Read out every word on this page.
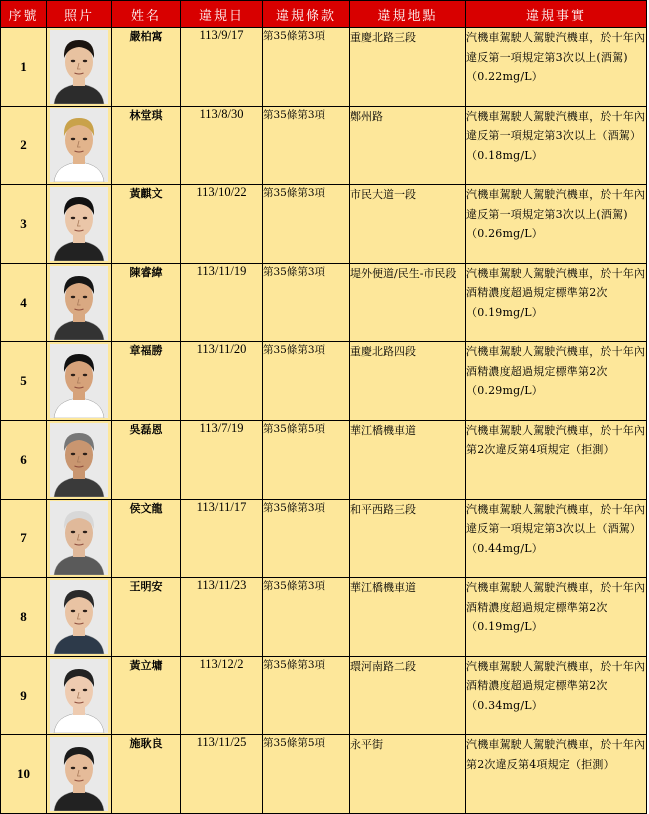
序號	照片	姓名	違規日	違規條款	違規地點	違規事實
1		嚴柏寓	113/9/17	第35條第3項	重慶北路三段	汽機車駕駛人駕駛汽機車，於十年內違反第一項規定第3次以上(酒駕)（0.22mg/L）
2		林堂琪	113/8/30	第35條第3項	鄭州路	汽機車駕駛人駕駛汽機車，於十年內違反第一項規定第3次以上（酒駕）（0.18mg/L）
3		黃麒文	113/10/22	第35條第3項	市民大道一段	汽機車駕駛人駕駛汽機車，於十年內違反第一項規定第3次以上(酒駕)（0.26mg/L）
4		陳睿緯	113/11/19	第35條第3項	堤外便道/民生-市民段	汽機車駕駛人駕駛汽機車，於十年內酒精濃度超過規定標準第2次（0.19mg/L）
5		章福勝	113/11/20	第35條第3項	重慶北路四段	汽機車駕駛人駕駛汽機車，於十年內酒精濃度超過規定標準第2次（0.29mg/L）
6		吳磊恩	113/7/19	第35條第5項	華江橋機車道	汽機車駕駛人駕駛汽機車，於十年內第2次違反第4項規定（拒測）
7		侯文龍	113/11/17	第35條第3項	和平西路三段	汽機車駕駛人駕駛汽機車，於十年內違反第一項規定第3次以上（酒駕）（0.44mg/L）
8		王明安	113/11/23	第35條第3項	華江橋機車道	汽機車駕駛人駕駛汽機車，於十年內酒精濃度超過規定標準第2次（0.19mg/L）
9		黃立墉	113/12/2	第35條第3項	環河南路二段	汽機車駕駛人駕駛汽機車，於十年內酒精濃度超過規定標準第2次（0.34mg/L）
10		施耿良	113/11/25	第35條第5項	永平街	汽機車駕駛人駕駛汽機車，於十年內第2次違反第4項規定（拒測）
